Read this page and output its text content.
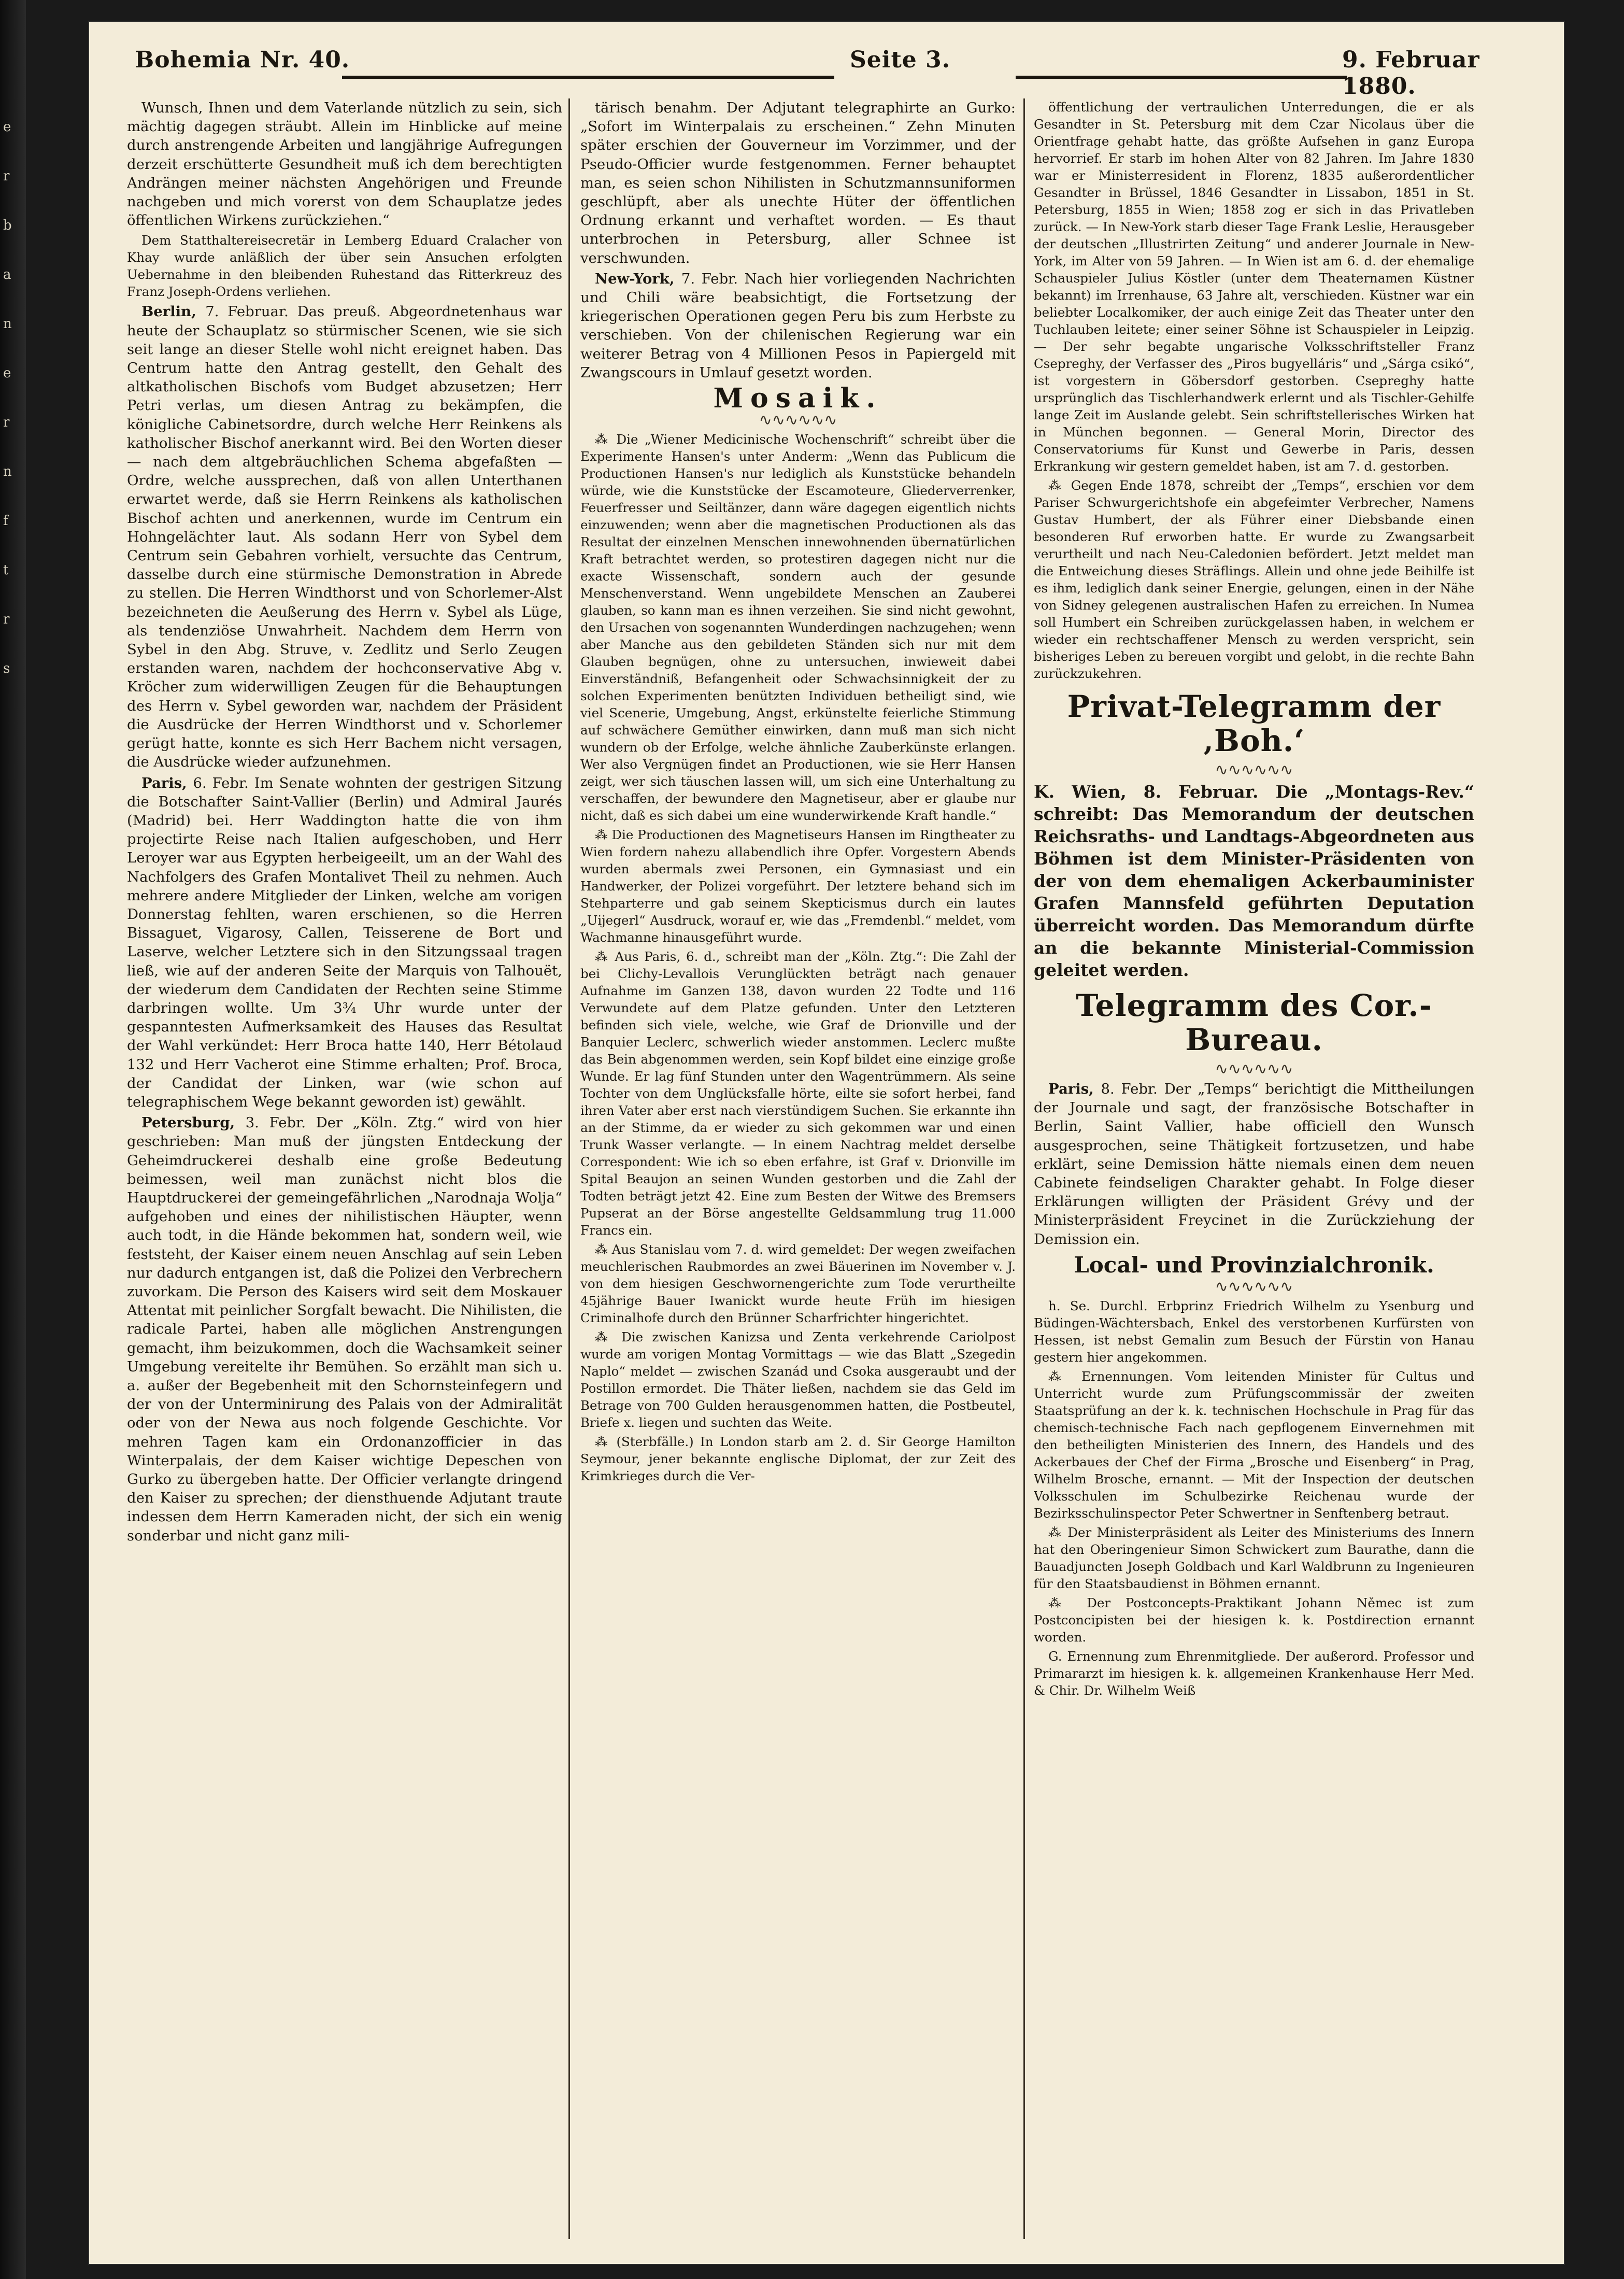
e
r
b
a
n
e
r
n
f
t
r
s
Bohemia Nr. 40.	Seite 3.	9. Februar 1880.

Wunsch, Ihnen und dem Vaterlande nützlich zu sein, sich mächtig dagegen sträubt. Allein im Hinblicke auf meine durch anstrengende Arbeiten und langjährige Aufregungen derzeit erschütterte Gesundheit muß ich dem berechtigten Andrängen meiner nächsten Angehörigen und Freunde nachgeben und mich vorerst von dem Schauplatze jedes öffentlichen Wirkens zurückziehen.“

Dem Statthaltereisecretär in Lemberg Eduard Cralacher von Khay wurde anläßlich der über sein Ansuchen erfolgten Uebernahme in den bleibenden Ruhestand das Ritterkreuz des Franz Joseph-Ordens verliehen.

Berlin, 7. Februar. Das preuß. Abgeordnetenhaus war heute der Schauplatz so stürmischer Scenen, wie sie sich seit lange an dieser Stelle wohl nicht ereignet haben. Das Centrum hatte den Antrag gestellt, den Gehalt des altkatholischen Bischofs vom Budget abzusetzen; Herr Petri verlas, um diesen Antrag zu bekämpfen, die königliche Cabinetsordre, durch welche Herr Reinkens als katholischer Bischof anerkannt wird. Bei den Worten dieser — nach dem altgebräuchlichen Schema abgefaßten — Ordre, welche aussprechen, daß von allen Unterthanen erwartet werde, daß sie Herrn Reinkens als katholischen Bischof achten und anerkennen, wurde im Centrum ein Hohngelächter laut. Als sodann Herr von Sybel dem Centrum sein Gebahren vorhielt, versuchte das Centrum, dasselbe durch eine stürmische Demonstration in Abrede zu stellen. Die Herren Windthorst und von Schorlemer-Alst bezeichneten die Aeußerung des Herrn v. Sybel als Lüge, als tendenziöse Unwahrheit. Nachdem dem Herrn von Sybel in den Abg. Struve, v. Zedlitz und Serlo Zeugen erstanden waren, nachdem der hochconservative Abg v. Kröcher zum widerwilligen Zeugen für die Behauptungen des Herrn v. Sybel geworden war, nachdem der Präsident die Ausdrücke der Herren Windthorst und v. Schorlemer gerügt hatte, konnte es sich Herr Bachem nicht versagen, die Ausdrücke wieder aufzunehmen.

Paris, 6. Febr. Im Senate wohnten der gestrigen Sitzung die Botschafter Saint-Vallier (Berlin) und Admiral Jaurés (Madrid) bei. Herr Waddington hatte die von ihm projectirte Reise nach Italien aufgeschoben, und Herr Leroyer war aus Egypten herbeigeeilt, um an der Wahl des Nachfolgers des Grafen Montalivet Theil zu nehmen. Auch mehrere andere Mitglieder der Linken, welche am vorigen Donnerstag fehlten, waren erschienen, so die Herren Bissaguet, Vigarosy, Callen, Teisserene de Bort und Laserve, welcher Letztere sich in den Sitzungssaal tragen ließ, wie auf der anderen Seite der Marquis von Talhouët, der wiederum dem Candidaten der Rechten seine Stimme darbringen wollte. Um 3¾ Uhr wurde unter der gespanntesten Aufmerksamkeit des Hauses das Resultat der Wahl verkündet: Herr Broca hatte 140, Herr Bétolaud 132 und Herr Vacherot eine Stimme erhalten; Prof. Broca, der Candidat der Linken, war (wie schon auf telegraphischem Wege bekannt geworden ist) gewählt.

Petersburg, 3. Febr. Der „Köln. Ztg.“ wird von hier geschrieben: Man muß der jüngsten Entdeckung der Geheimdruckerei deshalb eine große Bedeutung beimessen, weil man zunächst nicht blos die Hauptdruckerei der gemeingefährlichen „Narodnaja Wolja“ aufgehoben und eines der nihilistischen Häupter, wenn auch todt, in die Hände bekommen hat, sondern weil, wie feststeht, der Kaiser einem neuen Anschlag auf sein Leben nur dadurch entgangen ist, daß die Polizei den Verbrechern zuvorkam. Die Person des Kaisers wird seit dem Moskauer Attentat mit peinlicher Sorgfalt bewacht. Die Nihilisten, die radicale Partei, haben alle möglichen Anstrengungen gemacht, ihm beizukommen, doch die Wachsamkeit seiner Umgebung vereitelte ihr Bemühen. So erzählt man sich u. a. außer der Begebenheit mit den Schornsteinfegern und der von der Unterminirung des Palais von der Admiralität oder von der Newa aus noch folgende Geschichte. Vor mehren Tagen kam ein Ordonanzofficier in das Winterpalais, der dem Kaiser wichtige Depeschen von Gurko zu übergeben hatte. Der Officier verlangte dringend den Kaiser zu sprechen; der diensthuende Adjutant traute indessen dem Herrn Kameraden nicht, der sich ein wenig sonderbar und nicht ganz mili-

tärisch benahm. Der Adjutant telegraphirte an Gurko: „Sofort im Winterpalais zu erscheinen.“ Zehn Minuten später erschien der Gouverneur im Vorzimmer, und der Pseudo-Officier wurde festgenommen. Ferner behauptet man, es seien schon Nihilisten in Schutzmannsuniformen geschlüpft, aber als unechte Hüter der öffentlichen Ordnung erkannt und verhaftet worden. — Es thaut unterbrochen in Petersburg, aller Schnee ist verschwunden.

New-York, 7. Febr. Nach hier vorliegenden Nachrichten und Chili wäre beabsichtigt, die Fortsetzung der kriegerischen Operationen gegen Peru bis zum Herbste zu verschieben. Von der chilenischen Regierung war ein weiterer Betrag von 4 Millionen Pesos in Papiergeld mit Zwangscours in Umlauf gesetzt worden.

Mosaik.
∿∿∿∿∿∿

⁂ Die „Wiener Medicinische Wochenschrift“ schreibt über die Experimente Hansen's unter Anderm: „Wenn das Publicum die Productionen Hansen's nur lediglich als Kunststücke behandeln würde, wie die Kunststücke der Escamoteure, Gliederverrenker, Feuerfresser und Seiltänzer, dann wäre dagegen eigentlich nichts einzuwenden; wenn aber die magnetischen Productionen als das Resultat der einzelnen Menschen innewohnenden übernatürlichen Kraft betrachtet werden, so protestiren dagegen nicht nur die exacte Wissenschaft, sondern auch der gesunde Menschenverstand. Wenn ungebildete Menschen an Zauberei glauben, so kann man es ihnen verzeihen. Sie sind nicht gewohnt, den Ursachen von sogenannten Wunderdingen nachzugehen; wenn aber Manche aus den gebildeten Ständen sich nur mit dem Glauben begnügen, ohne zu untersuchen, inwieweit dabei Einverständniß, Befangenheit oder Schwachsinnigkeit der zu solchen Experimenten benützten Individuen betheiligt sind, wie viel Scenerie, Umgebung, Angst, erkünstelte feierliche Stimmung auf schwächere Gemüther einwirken, dann muß man sich nicht wundern ob der Erfolge, welche ähnliche Zauberkünste erlangen. Wer also Vergnügen findet an Productionen, wie sie Herr Hansen zeigt, wer sich täuschen lassen will, um sich eine Unterhaltung zu verschaffen, der bewundere den Magnetiseur, aber er glaube nur nicht, daß es sich dabei um eine wunderwirkende Kraft handle.“

⁂ Die Productionen des Magnetiseurs Hansen im Ringtheater zu Wien fordern nahezu allabendlich ihre Opfer. Vorgestern Abends wurden abermals zwei Personen, ein Gymnasiast und ein Handwerker, der Polizei vorgeführt. Der letztere behand sich im Stehparterre und gab seinem Skepticismus durch ein lautes „Uijegerl“ Ausdruck, worauf er, wie das „Fremdenbl.“ meldet, vom Wachmanne hinausgeführt wurde.

⁂ Aus Paris, 6. d., schreibt man der „Köln. Ztg.“: Die Zahl der bei Clichy-Levallois Verunglückten beträgt nach genauer Aufnahme im Ganzen 138, davon wurden 22 Todte und 116 Verwundete auf dem Platze gefunden. Unter den Letzteren befinden sich viele, welche, wie Graf de Drionville und der Banquier Leclerc, schwerlich wieder anstommen. Leclerc mußte das Bein abgenommen werden, sein Kopf bildet eine einzige große Wunde. Er lag fünf Stunden unter den Wagentrümmern. Als seine Tochter von dem Unglücksfalle hörte, eilte sie sofort herbei, fand ihren Vater aber erst nach vierstündigem Suchen. Sie erkannte ihn an der Stimme, da er wieder zu sich gekommen war und einen Trunk Wasser verlangte. — In einem Nachtrag meldet derselbe Correspondent: Wie ich so eben erfahre, ist Graf v. Drionville im Spital Beaujon an seinen Wunden gestorben und die Zahl der Todten beträgt jetzt 42. Eine zum Besten der Witwe des Bremsers Pupserat an der Börse angestellte Geldsammlung trug 11.000 Francs ein.

⁂ Aus Stanislau vom 7. d. wird gemeldet: Der wegen zweifachen meuchlerischen Raubmordes an zwei Bäuerinen im November v. J. von dem hiesigen Geschwornengerichte zum Tode verurtheilte 45jährige Bauer Iwanickt wurde heute Früh im hiesigen Criminalhofe durch den Brünner Scharfrichter hingerichtet.

⁂ Die zwischen Kanizsa und Zenta verkehrende Cariolpost wurde am vorigen Montag Vormittags — wie das Blatt „Szegedin Naplo“ meldet — zwischen Szanád und Csoka ausgeraubt und der Postillon ermordet. Die Thäter ließen, nachdem sie das Geld im Betrage von 700 Gulden herausgenommen hatten, die Postbeutel, Briefe x. liegen und suchten das Weite.

⁂ (Sterbfälle.) In London starb am 2. d. Sir George Hamilton Seymour, jener bekannte englische Diplomat, der zur Zeit des Krimkrieges durch die Ver-

öffentlichung der vertraulichen Unterredungen, die er als Gesandter in St. Petersburg mit dem Czar Nicolaus über die Orientfrage gehabt hatte, das größte Aufsehen in ganz Europa hervorrief. Er starb im hohen Alter von 82 Jahren. Im Jahre 1830 war er Ministerresident in Florenz, 1835 außerordentlicher Gesandter in Brüssel, 1846 Gesandter in Lissabon, 1851 in St. Petersburg, 1855 in Wien; 1858 zog er sich in das Privatleben zurück. — In New-York starb dieser Tage Frank Leslie, Herausgeber der deutschen „Illustrirten Zeitung“ und anderer Journale in New-York, im Alter von 59 Jahren. — In Wien ist am 6. d. der ehemalige Schauspieler Julius Köstler (unter dem Theaternamen Küstner bekannt) im Irrenhause, 63 Jahre alt, verschieden. Küstner war ein beliebter Localkomiker, der auch einige Zeit das Theater unter den Tuchlauben leitete; einer seiner Söhne ist Schauspieler in Leipzig. — Der sehr begabte ungarische Volksschriftsteller Franz Csepreghy, der Verfasser des „Piros bugyelláris“ und „Sárga csikó“, ist vorgestern in Göbersdorf gestorben. Csepreghy hatte ursprünglich das Tischlerhandwerk erlernt und als Tischler-Gehilfe lange Zeit im Auslande gelebt. Sein schriftstellerisches Wirken hat in München begonnen. — General Morin, Director des Conservatoriums für Kunst und Gewerbe in Paris, dessen Erkrankung wir gestern gemeldet haben, ist am 7. d. gestorben.

⁂ Gegen Ende 1878, schreibt der „Temps“, erschien vor dem Pariser Schwurgerichtshofe ein abgefeimter Verbrecher, Namens Gustav Humbert, der als Führer einer Diebsbande einen besonderen Ruf erworben hatte. Er wurde zu Zwangsarbeit verurtheilt und nach Neu-Caledonien befördert. Jetzt meldet man die Entweichung dieses Sträflings. Allein und ohne jede Beihilfe ist es ihm, lediglich dank seiner Energie, gelungen, einen in der Nähe von Sidney gelegenen australischen Hafen zu erreichen. In Numea soll Humbert ein Schreiben zurückgelassen haben, in welchem er wieder ein rechtschaffener Mensch zu werden verspricht, sein bisheriges Leben zu bereuen vorgibt und gelobt, in die rechte Bahn zurückzukehren.

Privat-Telegramm der ‚Boh.‘
∿∿∿∿∿∿

K. Wien, 8. Februar. Die „Montags-Rev.“ schreibt: Das Memorandum der deutschen Reichsraths- und Landtags-Abgeordneten aus Böhmen ist dem Minister-Präsidenten von der von dem ehemaligen Ackerbauminister Grafen Mannsfeld geführten Deputation überreicht worden. Das Memorandum dürfte an die bekannte Ministerial-Commission geleitet werden.

Telegramm des Cor.-Bureau.
∿∿∿∿∿∿

Paris, 8. Febr. Der „Temps“ berichtigt die Mittheilungen der Journale und sagt, der französische Botschafter in Berlin, Saint Vallier, habe officiell den Wunsch ausgesprochen, seine Thätigkeit fortzusetzen, und habe erklärt, seine Demission hätte niemals einen dem neuen Cabinete feindseligen Charakter gehabt. In Folge dieser Erklärungen willigten der Präsident Grévy und der Ministerpräsident Freycinet in die Zurückziehung der Demission ein.

Local- und Provinzialchronik.
∿∿∿∿∿∿

h. Se. Durchl. Erbprinz Friedrich Wilhelm zu Ysenburg und Büdingen-Wächtersbach, Enkel des verstorbenen Kurfürsten von Hessen, ist nebst Gemalin zum Besuch der Fürstin von Hanau gestern hier angekommen.

⁂ Ernennungen. Vom leitenden Minister für Cultus und Unterricht wurde zum Prüfungscommissär der zweiten Staatsprüfung an der k. k. technischen Hochschule in Prag für das chemisch-technische Fach nach gepflogenem Einvernehmen mit den betheiligten Ministerien des Innern, des Handels und des Ackerbaues der Chef der Firma „Brosche und Eisenberg“ in Prag, Wilhelm Brosche, ernannt. — Mit der Inspection der deutschen Volksschulen im Schulbezirke Reichenau wurde der Bezirksschulinspector Peter Schwertner in Senftenberg betraut.

⁂ Der Ministerpräsident als Leiter des Ministeriums des Innern hat den Oberingenieur Simon Schwickert zum Baurathe, dann die Bauadjuncten Joseph Goldbach und Karl Waldbrunn zu Ingenieuren für den Staatsbaudienst in Böhmen ernannt.

⁂ Der Postconcepts-Praktikant Johann Němec ist zum Postconcipisten bei der hiesigen k. k. Postdirection ernannt worden.

G. Ernennung zum Ehrenmitgliede. Der außerord. Professor und Primararzt im hiesigen k. k. allgemeinen Krankenhause Herr Med. & Chir. Dr. Wilhelm Weiß
